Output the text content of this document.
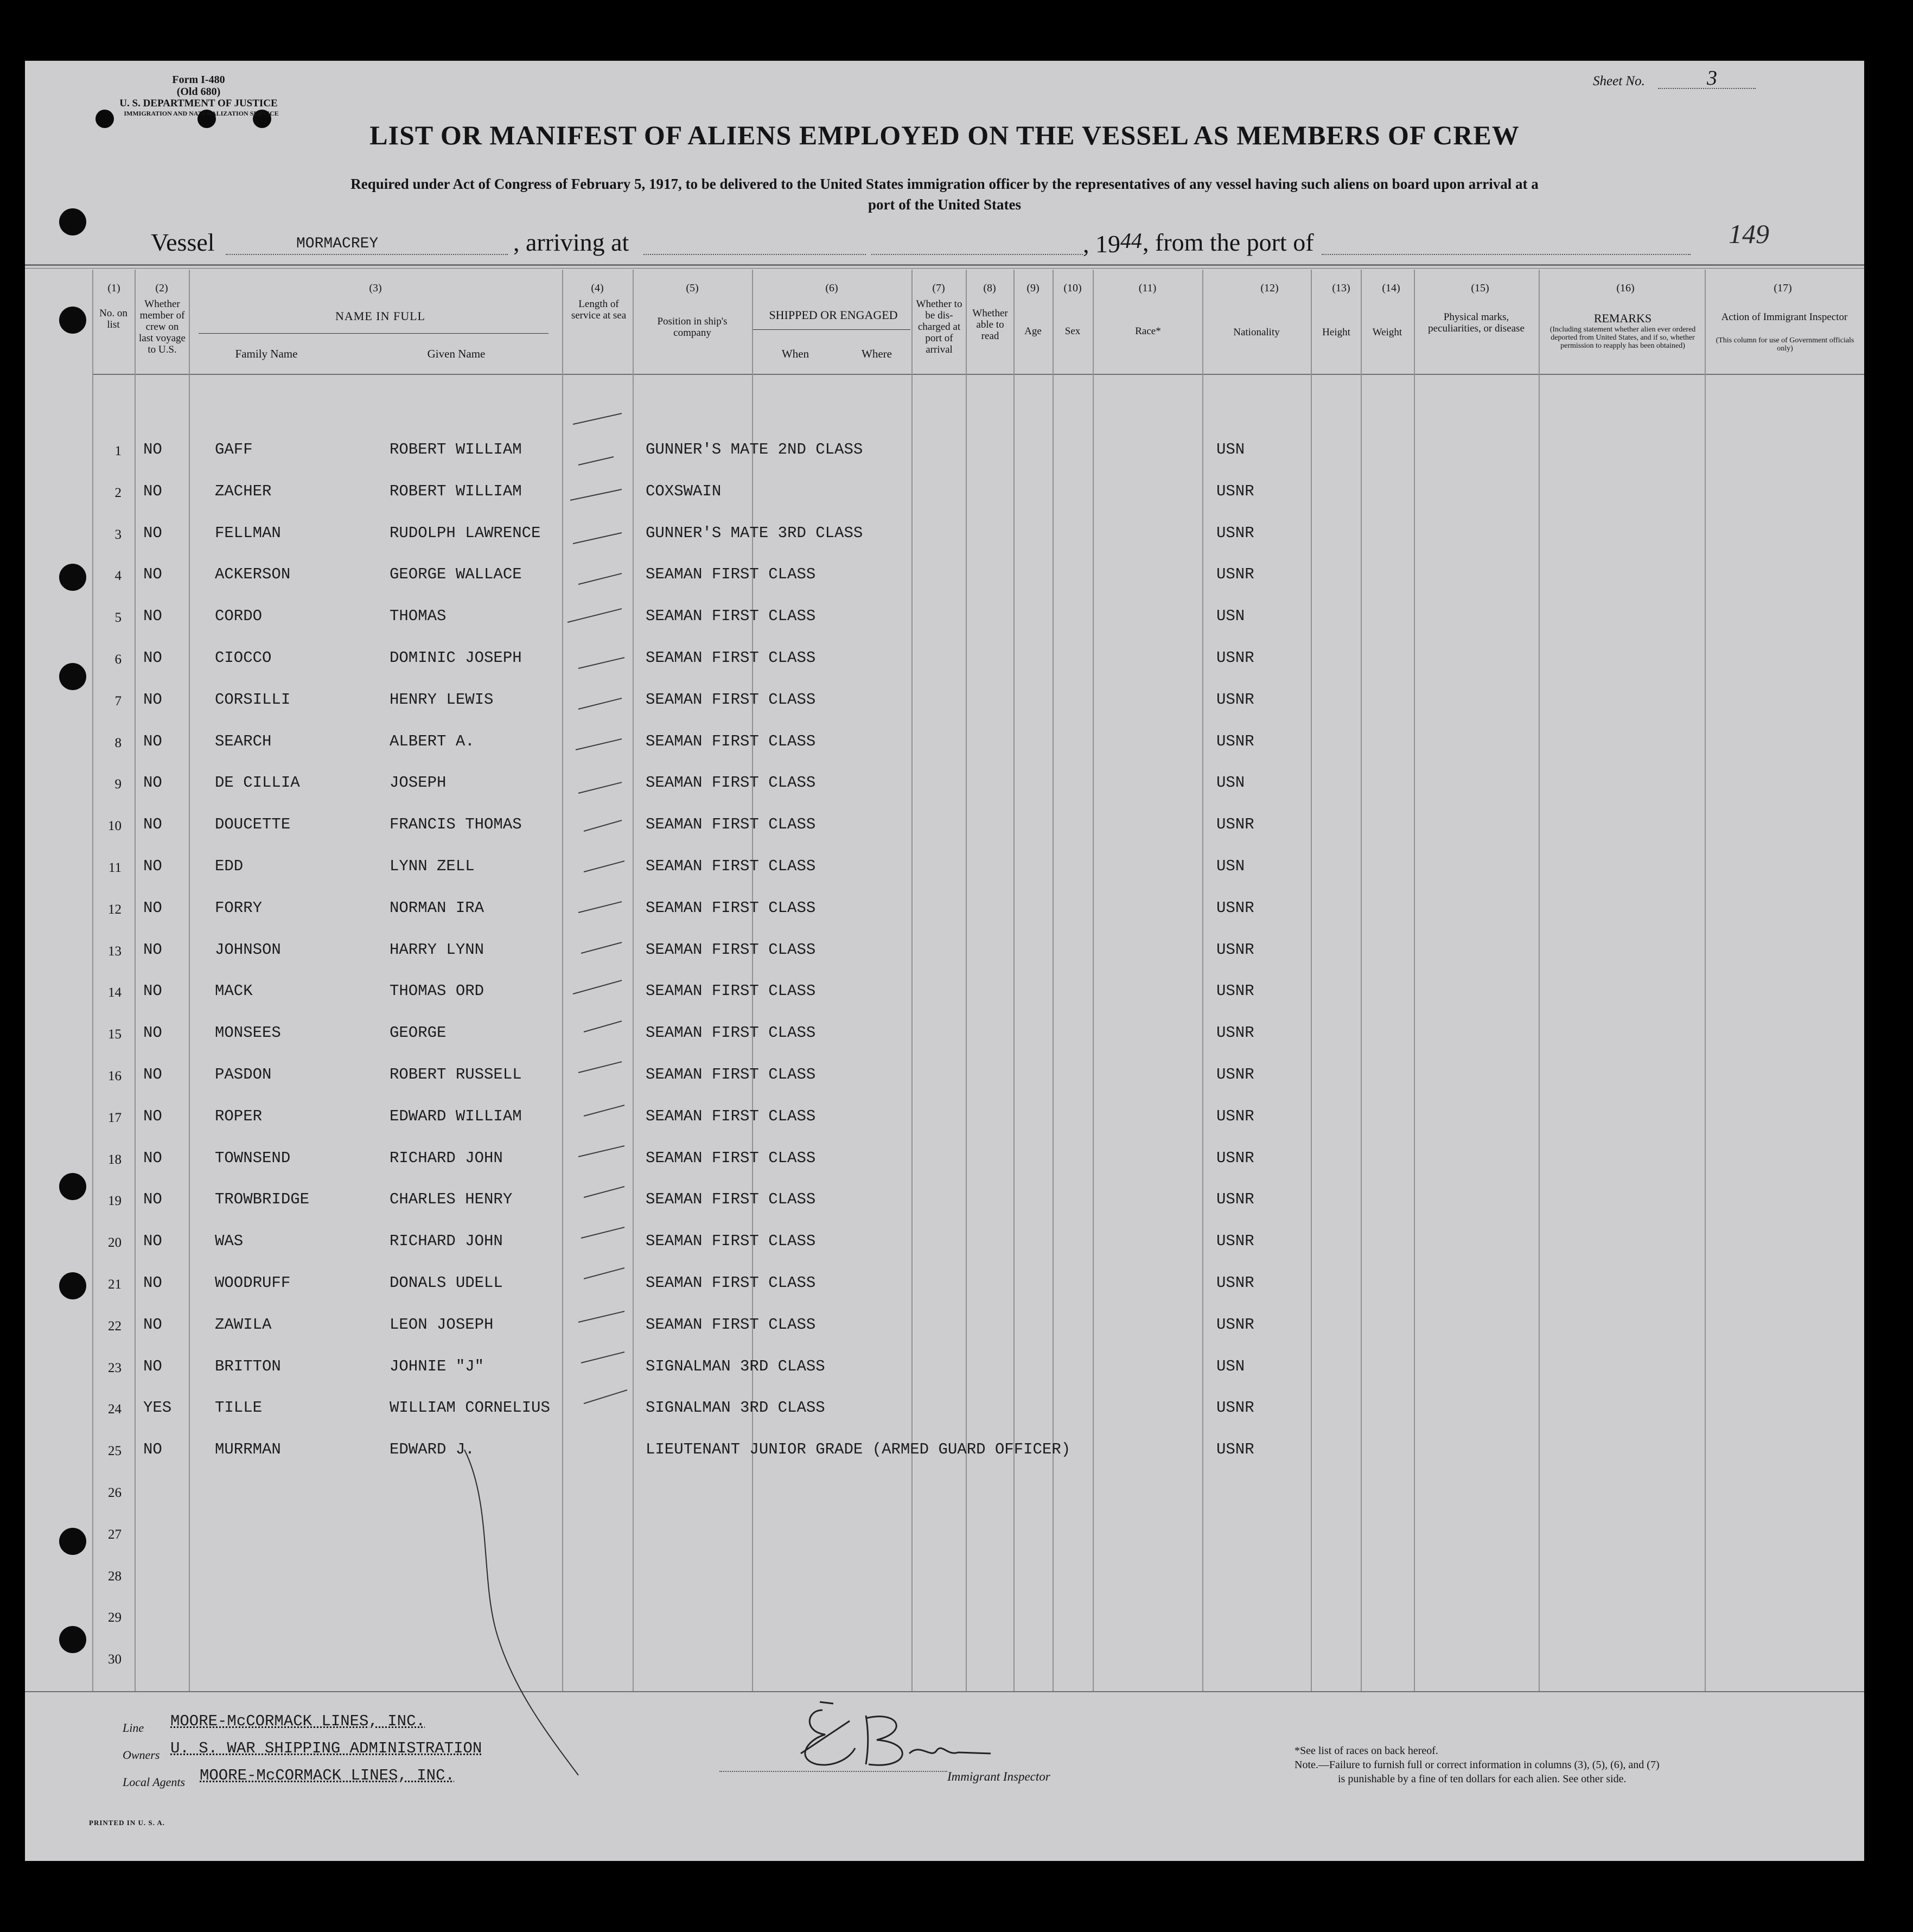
Form I-480
(Old 680)
U. S. DEPARTMENT OF JUSTICE
IMMIGRATION AND NATURALIZATION SERVICE
Sheet No.	3
LIST OR MANIFEST OF ALIENS EMPLOYED ON THE VESSEL AS MEMBERS OF CREW
Required under Act of Congress of February 5, 1917, to be delivered to the United States immigration officer by the representatives of any vessel having such aliens on board upon arrival at a
port of the United States
Vessel	MORMACREY	, arriving at	, 1944 , from the port of	149
(1)	(2)	(3)	(4)	(5)	(6)	(7)	(8)	(9)	(10)	(11)	(12)	(13)	(14)	(15)	(16)	(17)
No. on list
Whether member of crew on last voyage to U.S.
NAME IN FULL
Family Name	Given Name
Length of service at sea
Position in ship's company
SHIPPED OR ENGAGED
When	Where
Whether to be dis-charged at port of arrival
Whether able to read	Age	Sex	Race*	Nationality	Height	Weight
Physical marks, peculiarities, or disease
REMARKS
(Including statement whether alien ever ordered deported from United States, and if so, whether permission to reapply has been obtained)
Action of Immigrant Inspector
(This column for use of Government officials only)
1 NO	GAFF	ROBERT WILLIAM	GUNNER'S MATE 2ND CLASS	USN
2 NO	ZACHER	ROBERT WILLIAM	COXSWAIN	USNR
3 NO	FELLMAN	RUDOLPH LAWRENCE	GUNNER'S MATE 3RD CLASS	USNR
4 NO	ACKERSON	GEORGE WALLACE	SEAMAN FIRST CLASS	USNR
5 NO	CORDO	THOMAS	SEAMAN FIRST CLASS	USN
6 NO	CIOCCO	DOMINIC JOSEPH	SEAMAN FIRST CLASS	USNR
7 NO	CORSILLI	HENRY LEWIS	SEAMAN FIRST CLASS	USNR
8 NO	SEARCH	ALBERT A.	SEAMAN FIRST CLASS	USNR
9 NO	DE CILLIA	JOSEPH	SEAMAN FIRST CLASS	USN
10 NO	DOUCETTE	FRANCIS THOMAS	SEAMAN FIRST CLASS	USNR
11 NO	EDD	LYNN ZELL	SEAMAN FIRST CLASS	USN
12 NO	FORRY	NORMAN IRA	SEAMAN FIRST CLASS	USNR
13 NO	JOHNSON	HARRY LYNN	SEAMAN FIRST CLASS	USNR
14 NO	MACK	THOMAS ORD	SEAMAN FIRST CLASS	USNR
15 NO	MONSEES	GEORGE	SEAMAN FIRST CLASS	USNR
16 NO	PASDON	ROBERT RUSSELL	SEAMAN FIRST CLASS	USNR
17 NO	ROPER	EDWARD WILLIAM	SEAMAN FIRST CLASS	USNR
18 NO	TOWNSEND	RICHARD JOHN	SEAMAN FIRST CLASS	USNR
19 NO	TROWBRIDGE	CHARLES HENRY	SEAMAN FIRST CLASS	USNR
20 NO	WAS	RICHARD JOHN	SEAMAN FIRST CLASS	USNR
21 NO	WOODRUFF	DONALS UDELL	SEAMAN FIRST CLASS	USNR
22 NO	ZAWILA	LEON JOSEPH	SEAMAN FIRST CLASS	USNR
23 NO	BRITTON	JOHNIE "J"	SIGNALMAN 3RD CLASS	USN
24 YES	TILLE	WILLIAM CORNELIUS	SIGNALMAN 3RD CLASS	USNR
25 NO	MURRMAN	EDWARD J.	LIEUTENANT JUNIOR GRADE (ARMED GUARD OFFICER)	USNR
26
27
28
29
30
Line MOORE-McCORMACK LINES, INC.
Owners U. S. WAR SHIPPING ADMINISTRATION
Local Agents MOORE-McCORMACK LINES, INC.	Immigrant Inspector
*See list of races on back hereof.
Note.—Failure to furnish full or correct information in columns (3), (5), (6), and (7)
is punishable by a fine of ten dollars for each alien. See other side.
PRINTED IN U. S. A.
